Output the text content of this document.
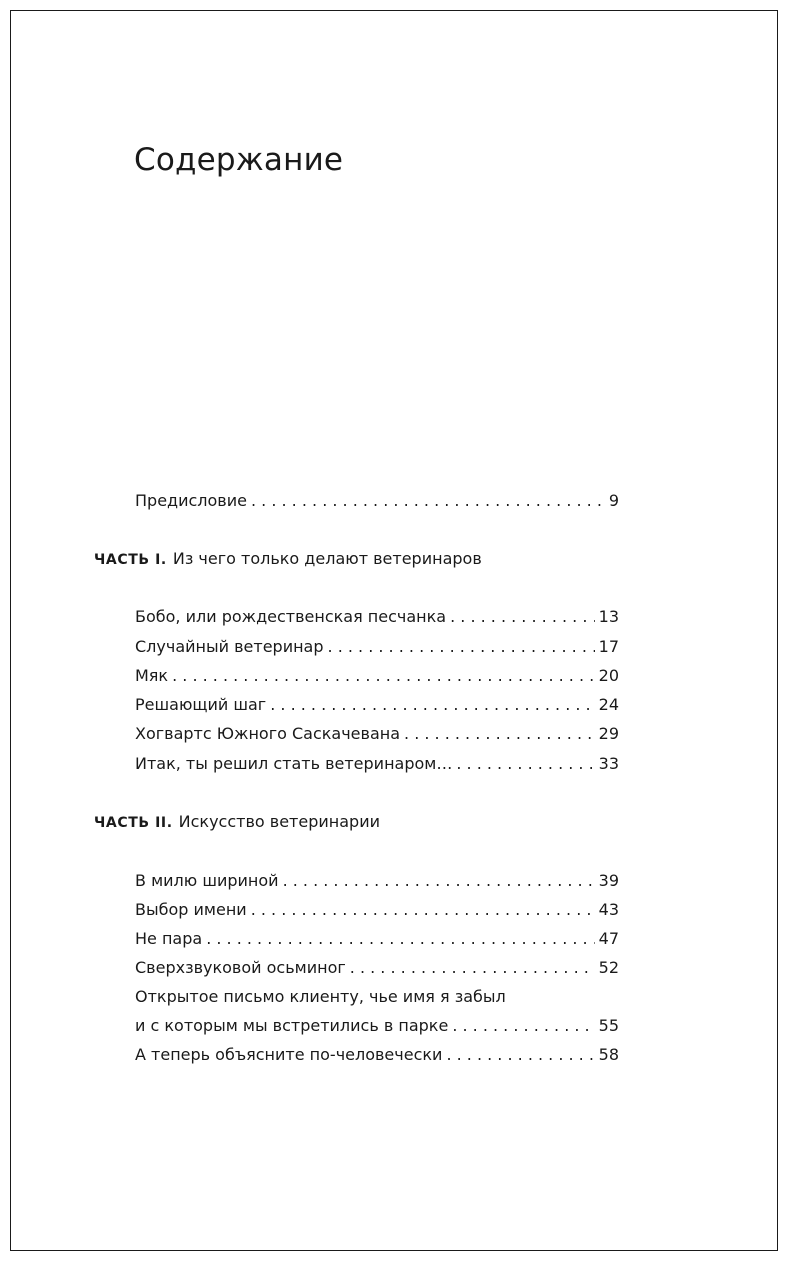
Содержание
Предисловие . . .	9
ЧАСТЬ I. Из чего только делают ветеринаров
Бобо, или рождественская песчанка . . .	13
Случайный ветеринар . . .	17
Мяк . . .	20
Решающий шаг . . .	24
Хогвартс Южного Саскачевана . . .	29
Итак, ты решил стать ветеринаром… . . .	33
ЧАСТЬ II. Искусство ветеринарии
В милю шириной . . .	39
Выбор имени . . .	43
Не пара . . .	47
Сверхзвуковой осьминог . . .	52
Открытое письмо клиенту, чье имя я забыл
и с которым мы встретились в парке . . .	55
А теперь объясните по-человечески . . .	58
